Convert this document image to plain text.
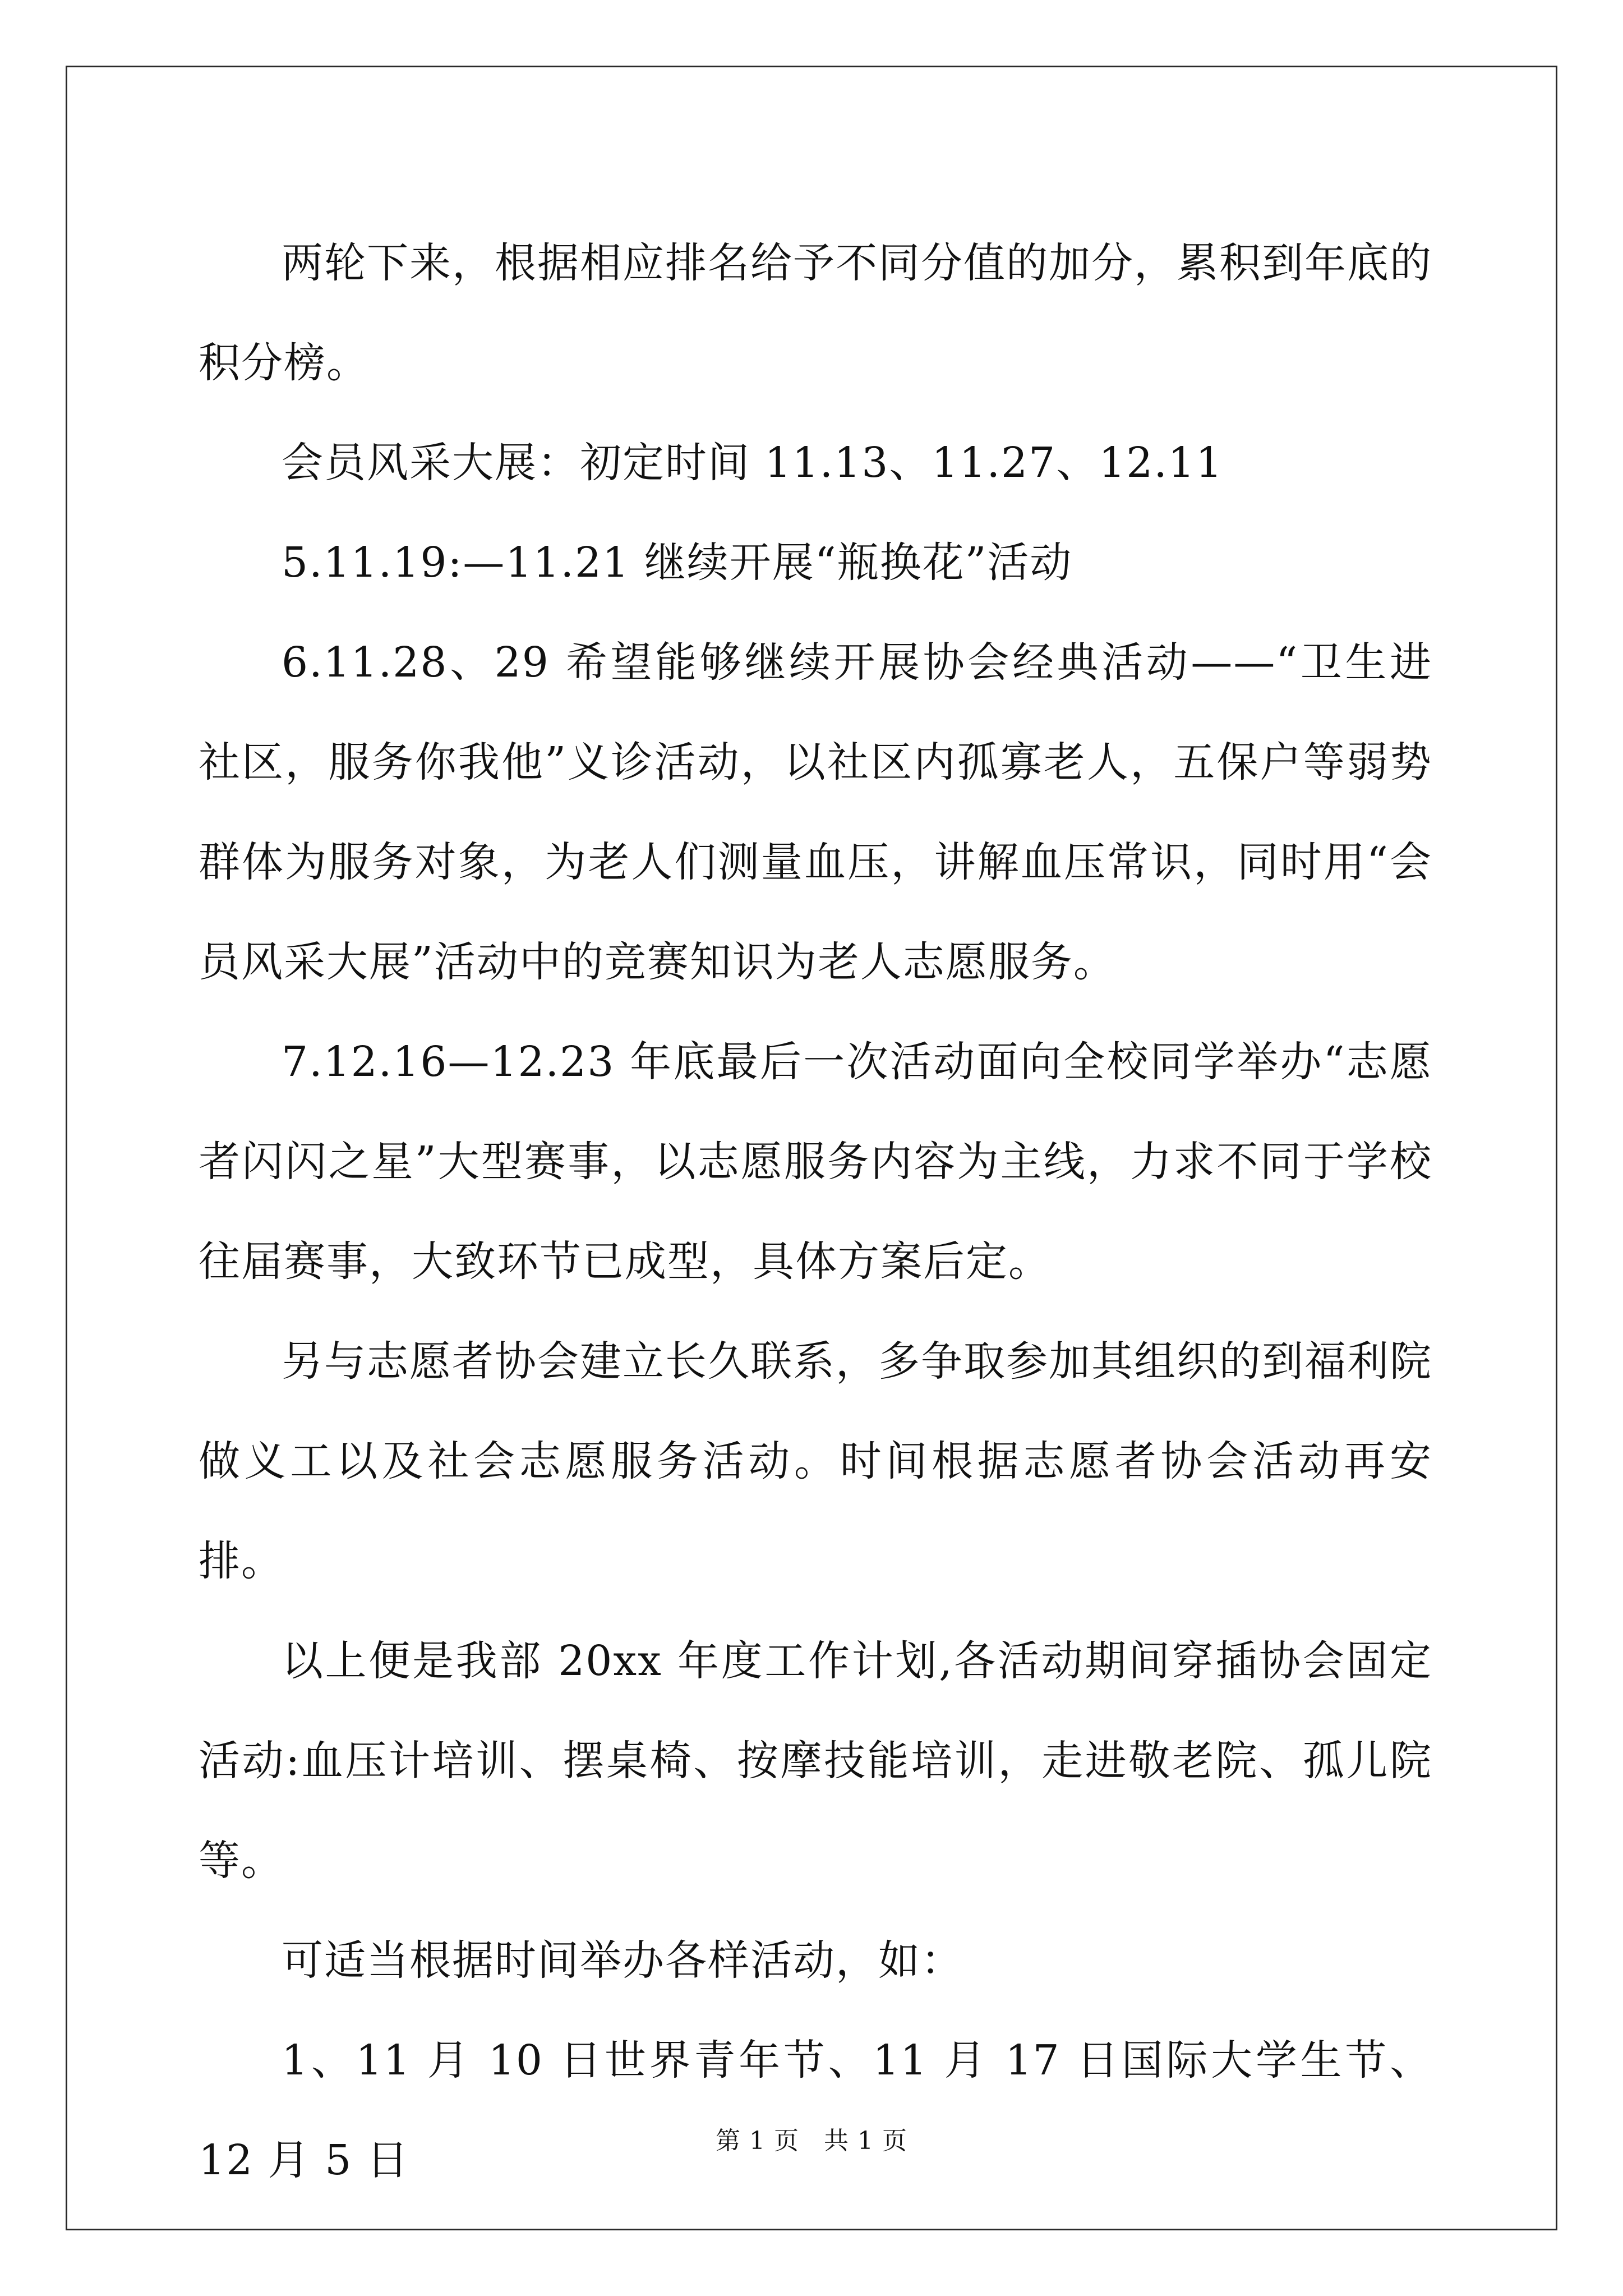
两轮下来，根据相应排名给予不同分值的加分，累积到年底的积分榜。

会员风采大展：初定时间 11.13、11.27、12.11

5.11.19:—11.21 继续开展“瓶换花”活动

6.11.28、29 希望能够继续开展协会经典活动——“卫生进社区，服务你我他”义诊活动，以社区内孤寡老人，五保户等弱势群体为服务对象，为老人们测量血压，讲解血压常识，同时用“会员风采大展”活动中的竞赛知识为老人志愿服务。

7.12.16—12.23 年底最后一次活动面向全校同学举办“志愿者闪闪之星”大型赛事，以志愿服务内容为主线，力求不同于学校往届赛事，大致环节已成型，具体方案后定。

另与志愿者协会建立长久联系，多争取参加其组织的到福利院做义工以及社会志愿服务活动。时间根据志愿者协会活动再安排。

以上便是我部 20xx 年度工作计划,各活动期间穿插协会固定活动:血压计培训、摆桌椅、按摩技能培训，走进敬老院、孤儿院等。

可适当根据时间举办各样活动，如：

1、11 月 10 日世界青年节、11 月 17 日国际大学生节、12 月 5 日	第 1 页 共 1 页
